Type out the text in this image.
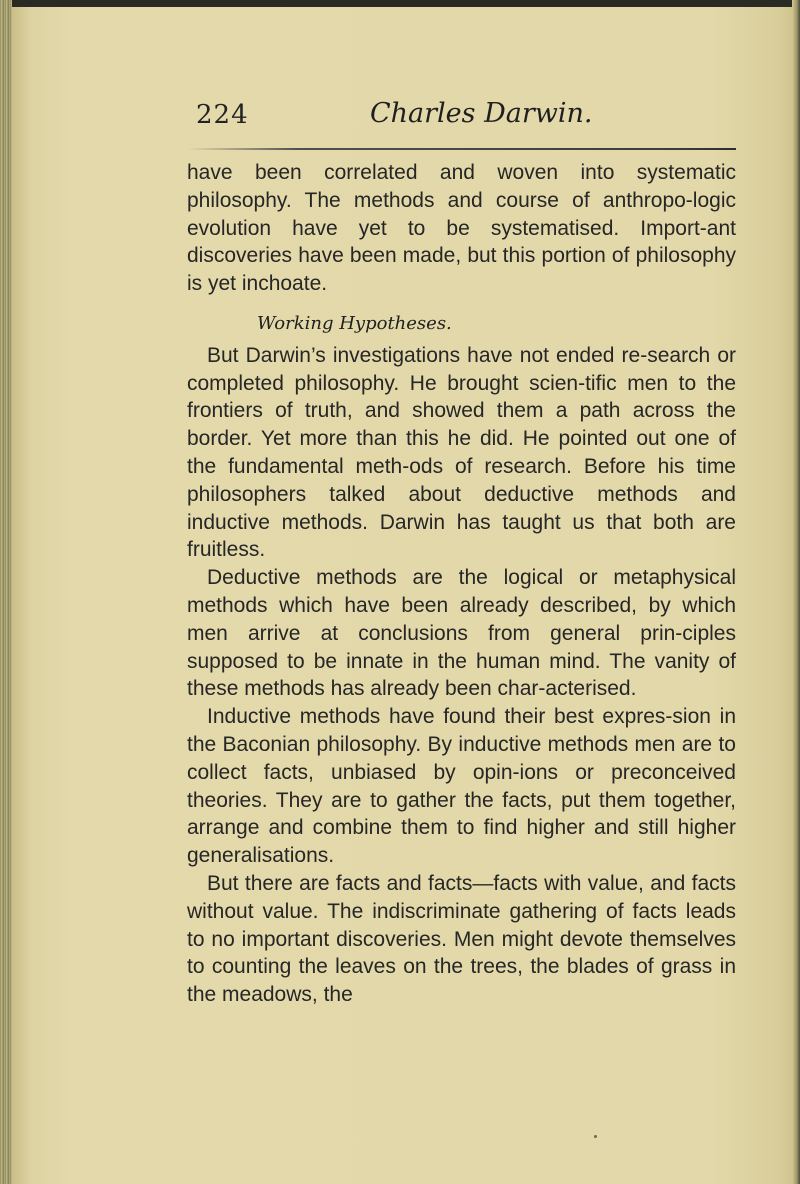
224	Charles Darwin.

have been correlated and woven into systematic philosophy. The methods and course of anthropo-logic evolution have yet to be systematised. Import-ant discoveries have been made, but this portion of philosophy is yet inchoate.

Working Hypotheses.

But Darwin’s investigations have not ended re-search or completed philosophy. He brought scien-tific men to the frontiers of truth, and showed them a path across the border. Yet more than this he did. He pointed out one of the fundamental meth-ods of research. Before his time philosophers talked about deductive methods and inductive methods. Darwin has taught us that both are fruitless.

Deductive methods are the logical or metaphysical methods which have been already described, by which men arrive at conclusions from general prin-ciples supposed to be innate in the human mind. The vanity of these methods has already been char-acterised.

Inductive methods have found their best expres-sion in the Baconian philosophy. By inductive methods men are to collect facts, unbiased by opin-ions or preconceived theories. They are to gather the facts, put them together, arrange and combine them to find higher and still higher generalisations.

But there are facts and facts—facts with value, and facts without value. The indiscriminate gathering of facts leads to no important discoveries. Men might devote themselves to counting the leaves on the trees, the blades of grass in the meadows, the
